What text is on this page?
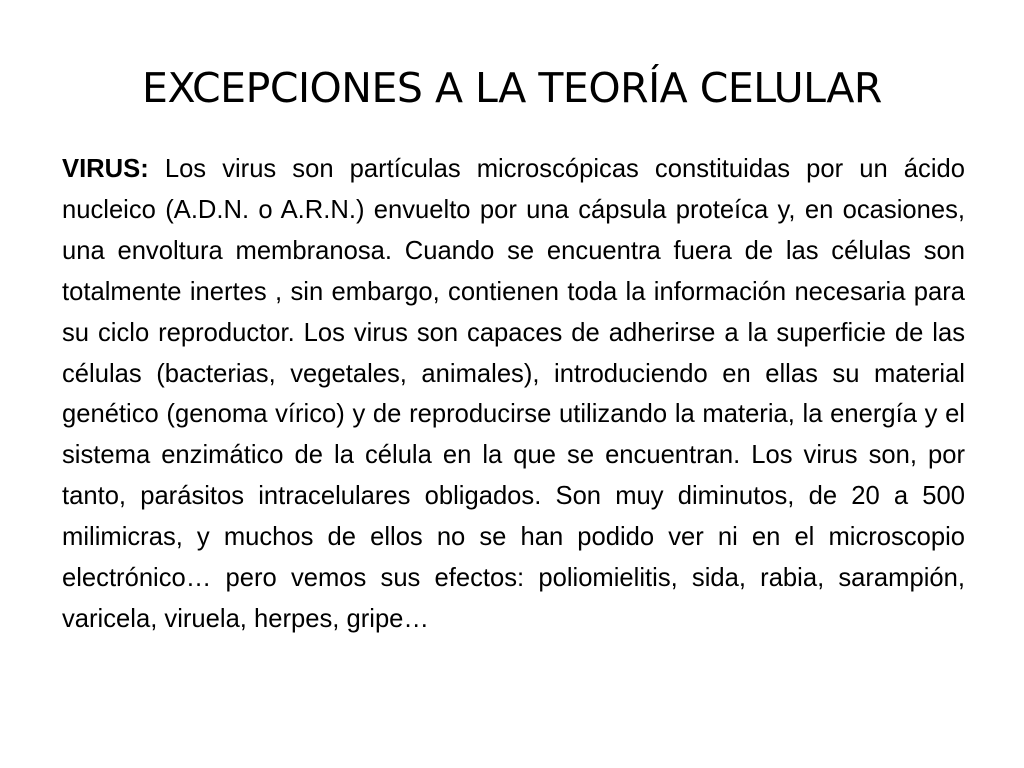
EXCEPCIONES A LA TEORÍA CELULAR

VIRUS: Los virus son partículas microscópicas constituidas por un ácido nucleico (A.D.N. o A.R.N.) envuelto por una cápsula proteíca y, en ocasiones, una envoltura membranosa. Cuando se encuentra fuera de las células son totalmente inertes , sin embargo, contienen toda la información necesaria para su ciclo reproductor. Los virus son capaces de adherirse a la superficie de las células (bacterias, vegetales, animales), introduciendo en ellas su material genético (genoma vírico) y de reproducirse utilizando la materia, la energía y el sistema enzimático de la célula en la que se encuentran. Los virus son, por tanto, parásitos intracelulares obligados. Son muy diminutos, de 20 a 500 milimicras, y muchos de ellos no se han podido ver ni en el microscopio electrónico… pero vemos sus efectos: poliomielitis, sida, rabia, sarampión, varicela, viruela, herpes, gripe…
